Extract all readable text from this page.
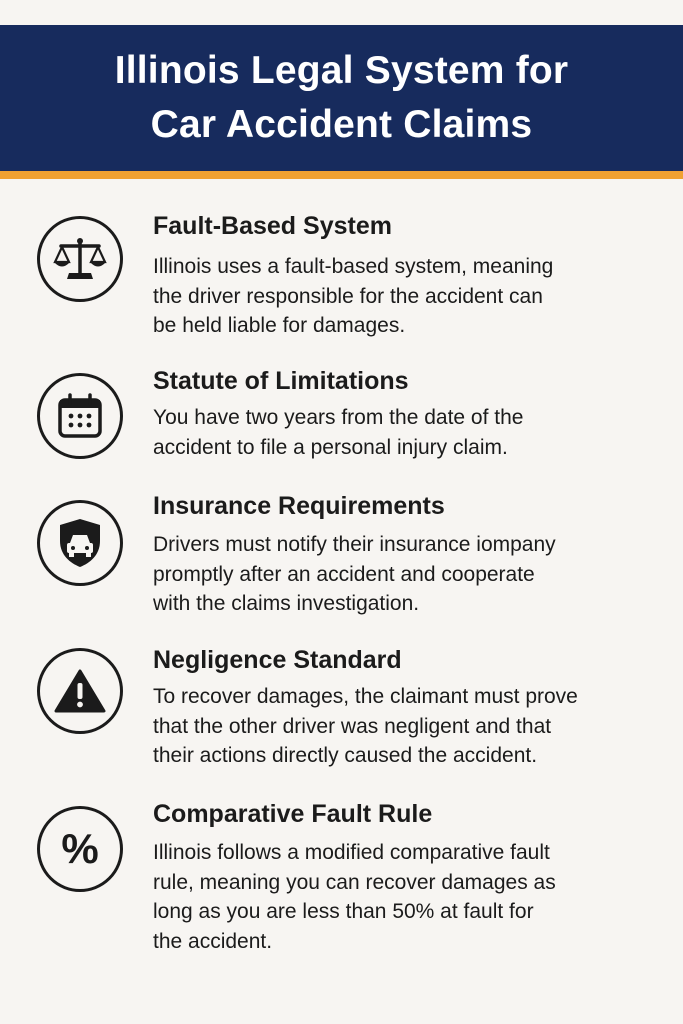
Illinois Legal System for
Car Accident Claims
Fault-Based System

Illinois uses a fault-based system, meaning
the driver responsible for the accident can
be held liable for damages.

Statute of Limitations

You have two years from the date of the
accident to file a personal injury claim.

Insurance Requirements

Drivers must notify their insurance iompany
promptly after an accident and cooperate
with the claims investigation.

Negligence Standard

To recover damages, the claimant must prove
that the other driver was negligent and that
their actions directly caused the accident.

%
Comparative Fault Rule

Illinois follows a modified comparative fault
rule, meaning you can recover damages as
long as you are less than 50% at fault for
the accident.
